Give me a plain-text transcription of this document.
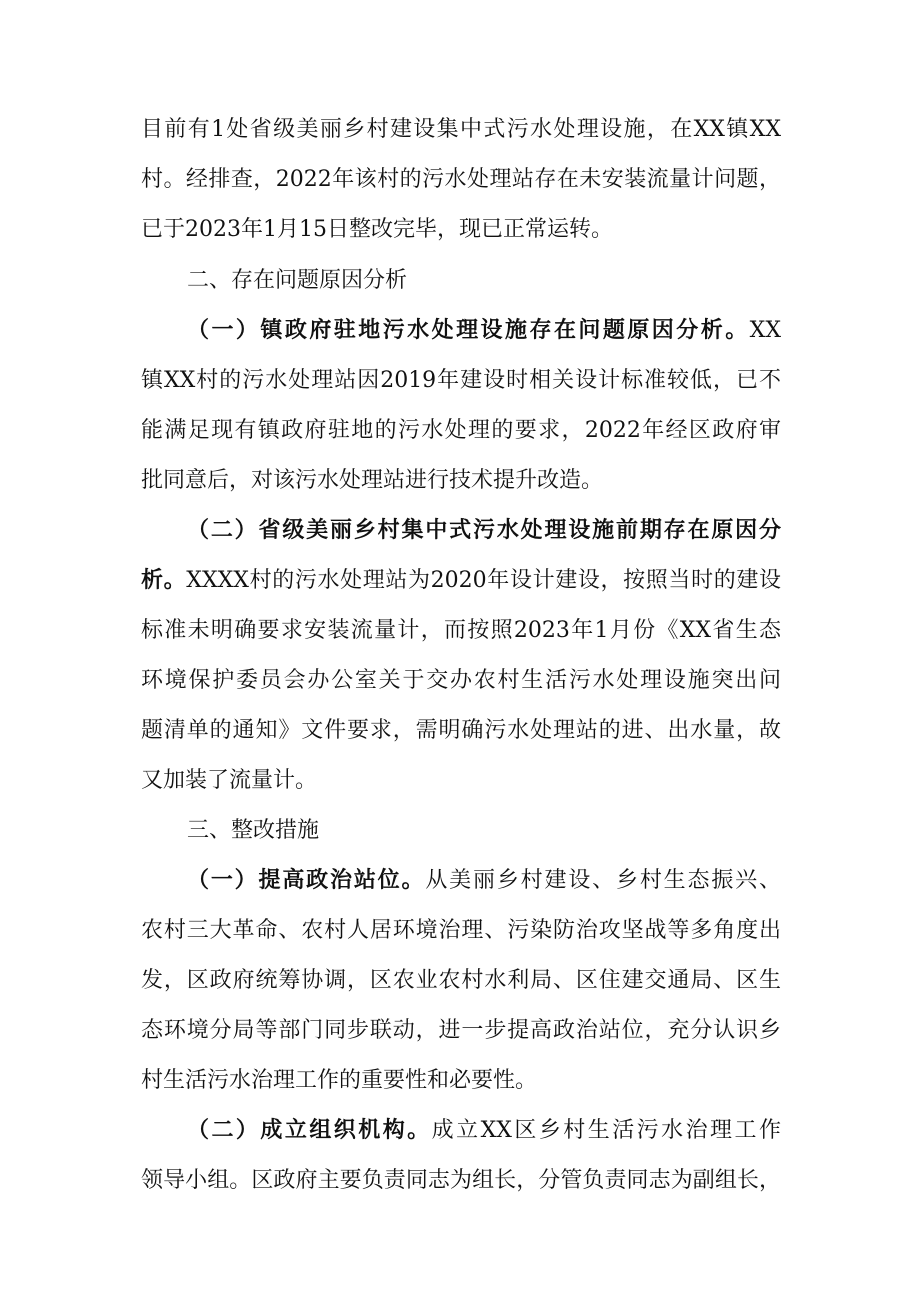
目前有1处省级美丽乡村建设集中式污水处理设施，在XX镇XX
村。经排查，2022年该村的污水处理站存在未安装流量计问题，
已于2023年1月15日整改完毕，现已正常运转。
二、存在问题原因分析
（一）镇政府驻地污水处理设施存在问题原因分析。XX
镇XX村的污水处理站因2019年建设时相关设计标准较低，已不
能满足现有镇政府驻地的污水处理的要求，2022年经区政府审
批同意后，对该污水处理站进行技术提升改造。
（二）省级美丽乡村集中式污水处理设施前期存在原因分
析。XXXX村的污水处理站为2020年设计建设，按照当时的建设
标准未明确要求安装流量计，而按照2023年1月份《XX省生态
环境保护委员会办公室关于交办农村生活污水处理设施突出问
题清单的通知》文件要求，需明确污水处理站的进、出水量，故
又加装了流量计。
三、整改措施
（一）提高政治站位。从美丽乡村建设、乡村生态振兴、
农村三大革命、农村人居环境治理、污染防治攻坚战等多角度出
发，区政府统筹协调，区农业农村水利局、区住建交通局、区生
态环境分局等部门同步联动，进一步提高政治站位，充分认识乡
村生活污水治理工作的重要性和必要性。
（二）成立组织机构。成立XX区乡村生活污水治理工作
领导小组。区政府主要负责同志为组长，分管负责同志为副组长，
